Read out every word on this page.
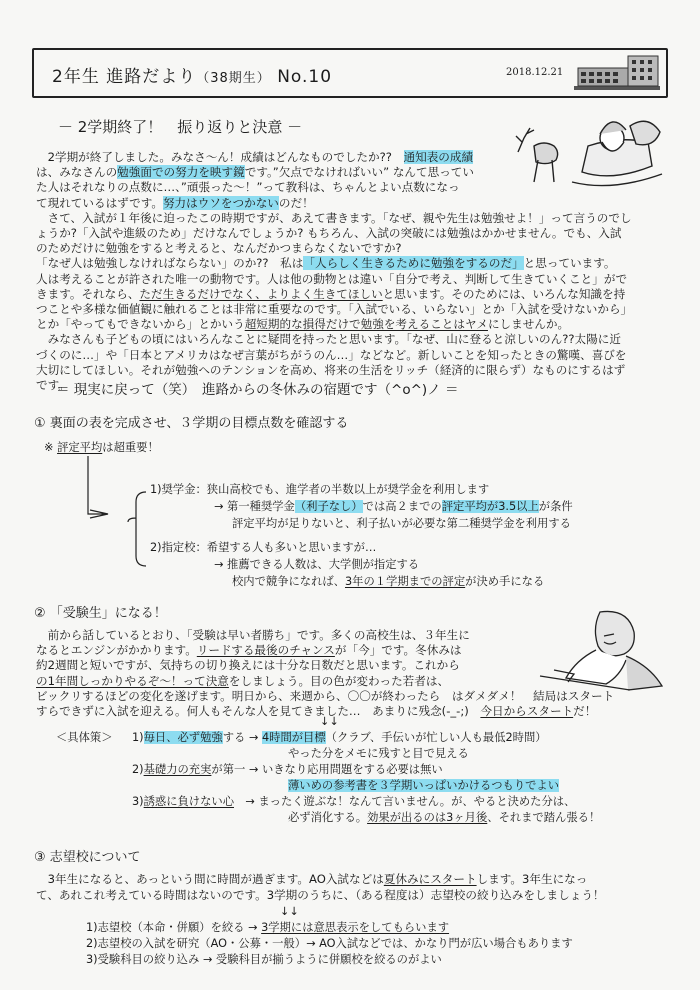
2年生 進路だより（38期生） No.10	2018.12.21
－ 2学期終了！　振り返りと決意 －
　2学期が終了しました。みなさ～ん！成績はどんなものでしたか??　通知表の成績
は、みなさんの勉強面での努力を映す鏡です。”欠点でなければいい” なんて思ってい
た人はそれなりの点数に…、”頑張った～！”って教科は、ちゃんとよい点数になっ
て現れているはずです。努力はウソをつかないのだ！
　さて、入試が１年後に迫ったこの時期ですが、あえて書きます。「なぜ、親や先生は勉強せよ！」って言うのでし
ょうか?「入試や進級のため」だけなんでしょうか? もちろん、入試の突破には勉強はかかせません。でも、入試
のためだけに勉強をすると考えると、なんだかつまらなくないですか?
「なぜ人は勉強しなければならない」のか??　私は「人らしく生きるために勉強をするのだ」と思っています。
人は考えることが許された唯一の動物です。人は他の動物とは違い「自分で考え、判断して生きていくこと」がで
きます。それなら、ただ生きるだけでなく、よりよく生きてほしいと思います。そのためには、いろんな知識を持
つことや多様な価値観に触れることは非常に重要なのです。「入試でいる、いらない」とか「入試を受けないから」
とか「やってもできないから」とかいう超短期的な損得だけで勉強を考えることはヤメにしませんか。
　みなさんも子どもの頃にはいろんなことに疑問を持ったと思います。「なぜ、山に登ると涼しいのん??太陽に近
づくのに…」や「日本とアメリカはなぜ言葉がちがうのん…」などなど。新しいことを知ったときの驚嘆、喜びを
大切にしてほしい。それが勉強へのテンションを高め、将来の生活をリッチ（経済的に限らず）なものにするはず
です。
＝ 現実に戻って（笑）　進路からの冬休みの宿題です（^o^)ノ ＝
① 裏面の表を完成させ、３学期の目標点数を確認する
※ 評定平均は超重要！
1)奨学金：狭山高校でも、進学者の半数以上が奨学金を利用します
→ 第一種奨学金（利子なし）では高２までの評定平均が3.5以上が条件
評定平均が足りないと、利子払いが必要な第二種奨学金を利用する
2)指定校：希望する人も多いと思いますが…
→ 推薦できる人数は、大学側が指定する
校内で競争になれば、3年の１学期までの評定が決め手になる
② 「受験生」になる！
　前から話しているとおり、「受験は早い者勝ち」です。多くの高校生は、３年生に
なるとエンジンがかかります。リードする最後のチャンスが「今」です。冬休みは
約2週間と短いですが、気持ちの切り換えには十分な日数だと思います。これから
の1年間しっかりやるぞ～！って決意をしましょう。目の色が変わった若者は、
ビックリするほどの変化を遂げます。明日から、来週から、〇〇が終わったら　はダメダメ！　結局はスタート
すらできずに入試を迎える。何人もそんな人を見てきました…　あまりに残念(-_-;)　今日からスタートだ！
↓↓
＜具体策＞ 1)毎日、必ず勉強する → 4時間が目標（クラブ、手伝いが忙しい人も最低2時間）
やった分をメモに残すと目で見える
2)基礎力の充実が第一 → いきなり応用問題をする必要は無い
薄いめの参考書を３学期いっぱいかけるつもりでよい
3)誘惑に負けない心　→ まったく遊ぶな！なんて言いません。が、やると決めた分は、
必ず消化する。効果が出るのは3ヶ月後、それまで踏ん張る！
③ 志望校について
　3年生になると、あっという間に時間が過ぎます。AO入試などは夏休みにスタートします。3年生になっ
て、あれこれ考えている時間はないのです。3学期のうちに、（ある程度は）志望校の絞り込みをしましょう！
↓↓
1)志望校（本命・併願）を絞る → 3学期には意思表示をしてもらいます
2)志望校の入試を研究（AO・公募・一般）→ AO入試などでは、かなり門が広い場合もあります
3)受験科目の絞り込み → 受験科目が揃うように併願校を絞るのがよい
